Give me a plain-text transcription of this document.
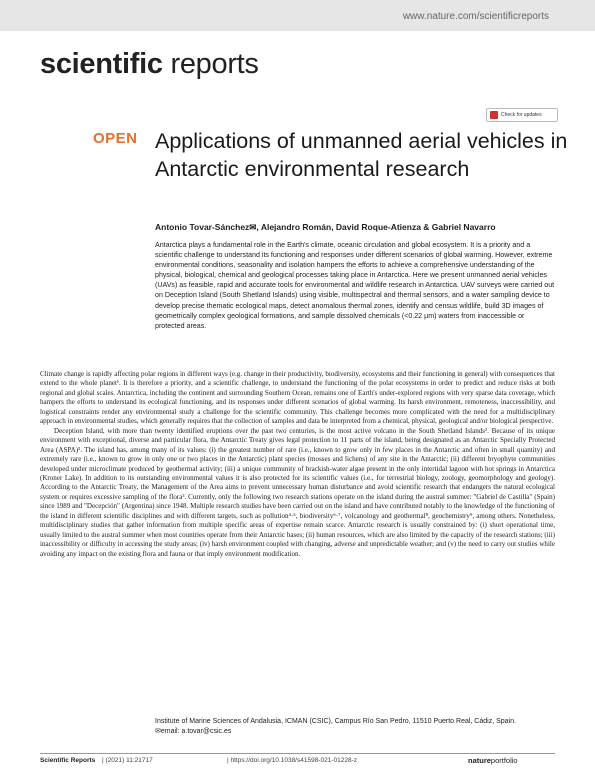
www.nature.com/scientificreports
scientific reports
Check for updates
OPEN Applications of unmanned aerial vehicles in Antarctic environmental research
Antonio Tovar-Sánchez✉, Alejandro Román, David Roque-Atienza & Gabriel Navarro
Antarctica plays a fundamental role in the Earth's climate, oceanic circulation and global ecosystem. It is a priority and a scientific challenge to understand its functioning and responses under different scenarios of global warming. However, extreme environmental conditions, seasonality and isolation hampers the efforts to achieve a comprehensive understanding of the physical, biological, chemical and geological processes taking place in Antarctica. Here we present unmanned aerial vehicles (UAVs) as feasible, rapid and accurate tools for environmental and wildlife research in Antarctica. UAV surveys were carried out on Deception Island (South Shetland Islands) using visible, multispectral and thermal sensors, and a water sampling device to develop precise thematic ecological maps, detect anomalous thermal zones, identify and census wildlife, build 3D images of geometrically complex geological formations, and sample dissolved chemicals (<0.22 µm) waters from inaccessible or protected areas.

Climate change is rapidly affecting polar regions in different ways (e.g. change in their productivity, biodiversity, ecosystems and their functioning in general) with consequences that extend to the whole planet¹. It is therefore a priority, and a scientific challenge, to understand the functioning of the polar ecosystems in order to predict and reduce risks at both regional and global scales. Antarctica, including the continent and surrounding Southern Ocean, remains one of Earth's under-explored regions with very sparse data coverage, which hampers the efforts to understand its ecological functioning, and its responses under different scenarios of global warming. Its harsh environment, remoteness, inaccessibility, and logistical constraints render any environmental study a challenge for the scientific community. This challenge becomes more complicated with the need for a multidisciplinary approach in environmental studies, which generally requires that the collection of samples and data be interpreted from a chemical, physical, geological and/or biological perspective.

Deception Island, with more than twenty identified eruptions over the past two centuries, is the most active volcano in the South Shetland Islands². Because of its unique environment with exceptional, diverse and particular flora, the Antarctic Treaty gives legal protection to 11 parts of the island, being designated as an Antarctic Specially Protected Area (ASPA)³. The island has, among many of its values: (i) the greatest number of rare (i.e., known to grow only in few places in the Antarctic and often in small quantity) and extremely rare (i.e., known to grow in only one or two places in the Antarctic) plant species (mosses and lichens) of any site in the Antarctic; (ii) different bryophyte communities developed under microclimate produced by geothermal activity; (iii) a unique community of brackish-water algae present in the only intertidal lagoon with hot springs in Antarctica (Kroner Lake). In addition to its outstanding environmental values it is also protected for its scientific values (i.e., for terrestrial biology, zoology, geomorphology and geology). According to the Antarctic Treaty, the Management of the Area aims to prevent unnecessary human disturbance and avoid scientific research that endangers the natural ecological system or requires excessive sampling of the flora³. Currently, only the following two research stations operate on the island during the austral summer: "Gabriel de Castilla" (Spain) since 1989 and "Decepción" (Argentina) since 1948. Multiple research studies have been carried out on the island and have contributed notably to the knowledge of the functioning of the island in different scientific disciplines and with different targets, such as pollution⁴·⁵, biodiversity⁶·⁷, volcanology and geothermal⁸, geochemistry⁹, among others. Nonetheless, multidisciplinary studies that gather information from multiple specific areas of expertise remain scarce. Antarctic research is usually constrained by: (i) short operational time, usually limited to the austral summer when most countries operate from their Antarctic bases; (ii) human resources, which are also limited by the capacity of the research stations; (iii) inaccessibility or difficulty in accessing the study areas; (iv) harsh environment coupled with changing, adverse and unpredictable weather; and (v) the need to carry out studies while avoiding any impact on the existing flora and fauna or that imply environment modification.

Institute of Marine Sciences of Andalusia, ICMAN (CSIC), Campus Río San Pedro, 11510 Puerto Real, Cádiz, Spain.
✉email: a.tovar@csic.es
Scientific Reports | (2021) 11:21717	| https://doi.org/10.1038/s41598-021-01228-z	natureportfolio
